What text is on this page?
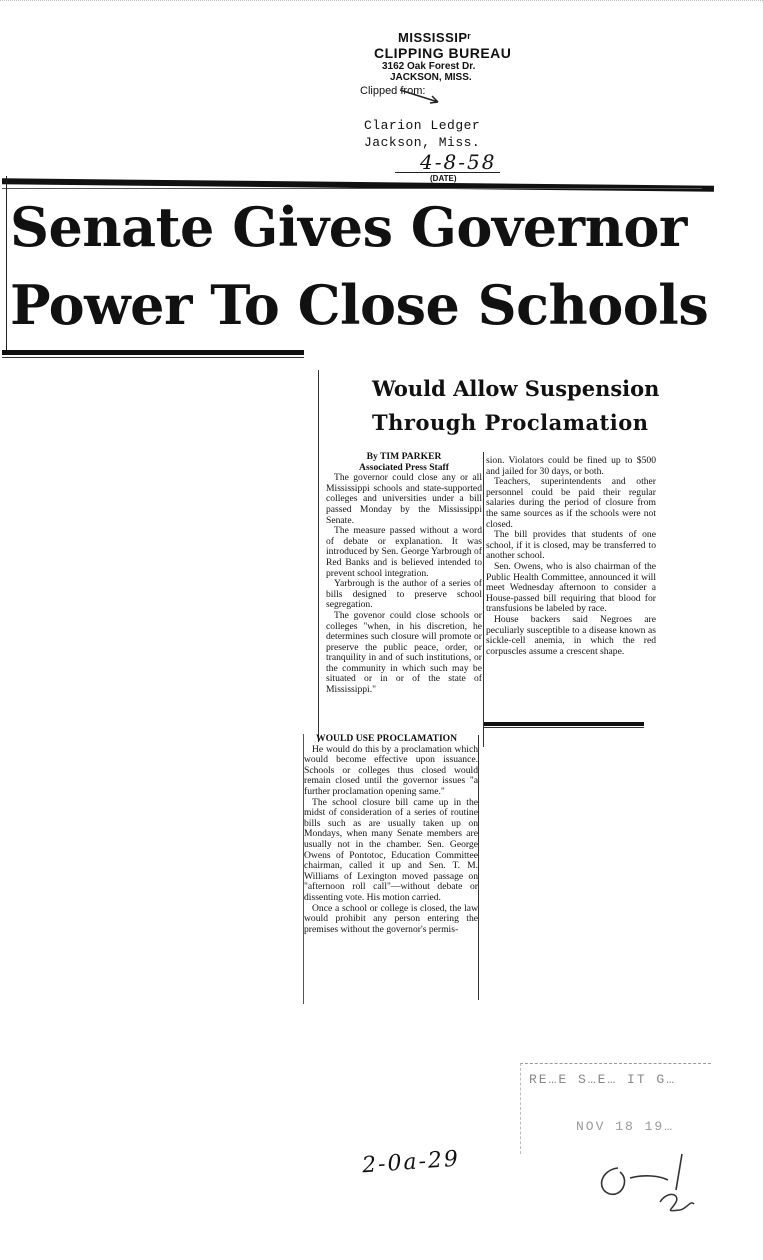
MISSISSIPʳ
CLIPPING BUREAU
3162 Oak Forest Dr.
JACKSON, MISS.
Clipped from:
Clarion Ledger
Jackson, Miss.
4-8-58
(DATE)
Senate Gives Governor
Power To Close Schools
Would Allow Suspension
Through Proclamation

By TIM PARKER

Associated Press Staff

The governor could close any or all Mississippi schools and state-supported colleges and universities under a bill passed Monday by the Mississippi Senate.

The measure passed without a word of debate or explanation. It was introduced by Sen. George Yarbrough of Red Banks and is believed intended to prevent school integration.

Yarbrough is the author of a series of bills designed to preserve school segregation.

The govenor could close schools or colleges "when, in his discretion, he determines such closure will promote or preserve the public peace, order, or tranquility in and of such institutions, or the community in which such may be situated or in or of the state of Mississippi."

WOULD USE PROCLAMATION

He would do this by a proclamation which would become effective upon issuance. Schools or colleges thus closed would remain closed until the governor issues "a further proclamation opening same."

The school closure bill came up in the midst of consideration of a series of routine bills such as are usually taken up on Mondays, when many Senate members are usually not in the chamber. Sen. George Owens of Pontotoc, Education Committee chairman, called it up and Sen. T. M. Williams of Lexington moved passage on "afternoon roll call"—without debate or dissenting vote. His motion carried.

Once a school or college is closed, the law would prohibit any person entering the premises without the governor's permis-

sion. Violators could be fined up to $500 and jailed for 30 days, or both.

Teachers, superintendents and other personnel could be paid their regular salaries during the period of closure from the same sources as if the schools were not closed.

The bill provides that students of one school, if it is closed, may be transferred to another school.

Sen. Owens, who is also chairman of the Public Health Committee, announced it will meet Wednesday afternoon to consider a House-passed bill requiring that blood for transfusions be labeled by race.

House backers said Negroes are peculiarly susceptible to a disease known as sickle-cell anemia, in which the red corpuscles assume a crescent shape.

RE…E S…E… IT G…
NOV 18 19…
2-0a-29
